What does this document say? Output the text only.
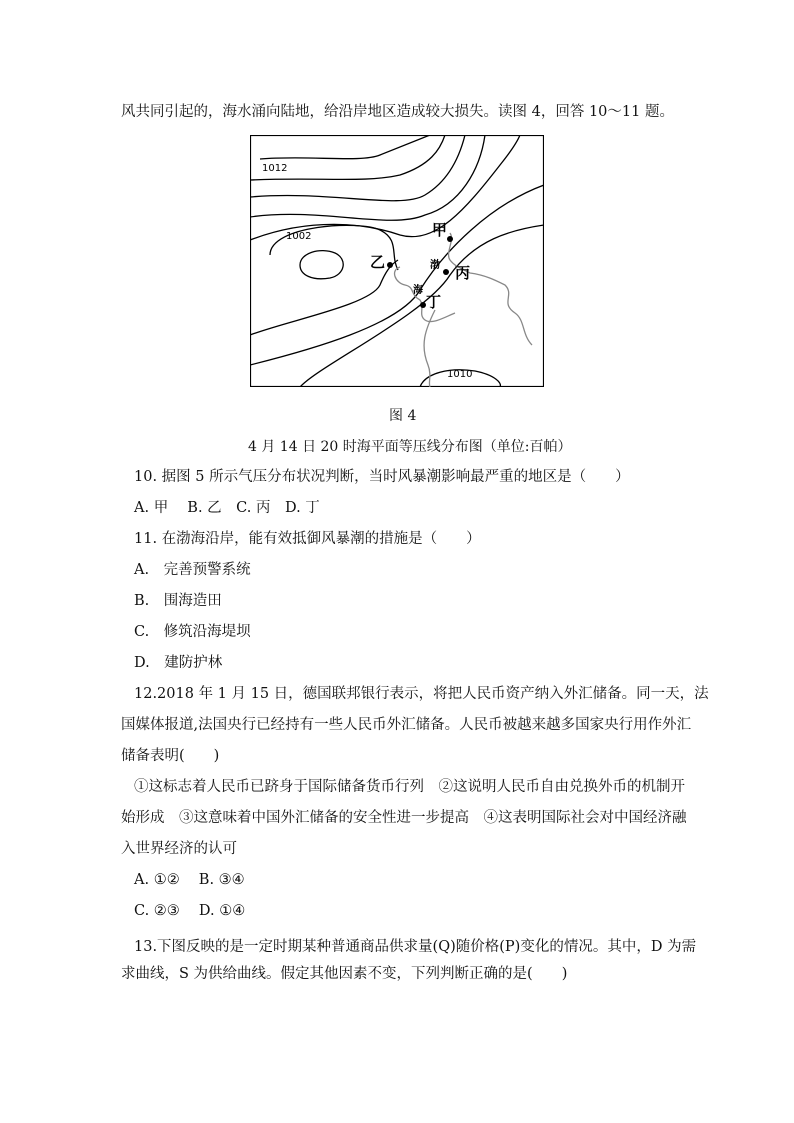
风共同引起的，海水涌向陆地，给沿岸地区造成较大损失。读图 4，回答 10～11 题。
1012
1002
1010
甲
乙
丙
丁
渤
海
图 4
4 月 14 日 20 时海平面等压线分布图（单位:百帕）
10. 据图 5 所示气压分布状况判断，当时风暴潮影响最严重的地区是（　　）
A. 甲　 B. 乙　C. 丙　D. 丁
11. 在渤海沿岸，能有效抵御风暴潮的措施是（　　）
A.　完善预警系统
B.　围海造田
C.　修筑沿海堤坝
D.　建防护林
12.2018 年 1 月 15 日，德国联邦银行表示，将把人民币资产纳入外汇储备。同一天，法
国媒体报道,法国央行已经持有一些人民币外汇储备。人民币被越来越多国家央行用作外汇
储备表明(　　)
①这标志着人民币已跻身于国际储备货币行列　②这说明人民币自由兑换外币的机制开
始形成　③这意味着中国外汇储备的安全性进一步提高　④这表明国际社会对中国经济融
入世界经济的认可
A. ①②　 B. ③④
C. ②③　 D. ①④
13.下图反映的是一定时期某种普通商品供求量(Q)随价格(P)变化的情况。其中，D 为需
求曲线，S 为供给曲线。假定其他因素不变，下列判断正确的是(　　)
